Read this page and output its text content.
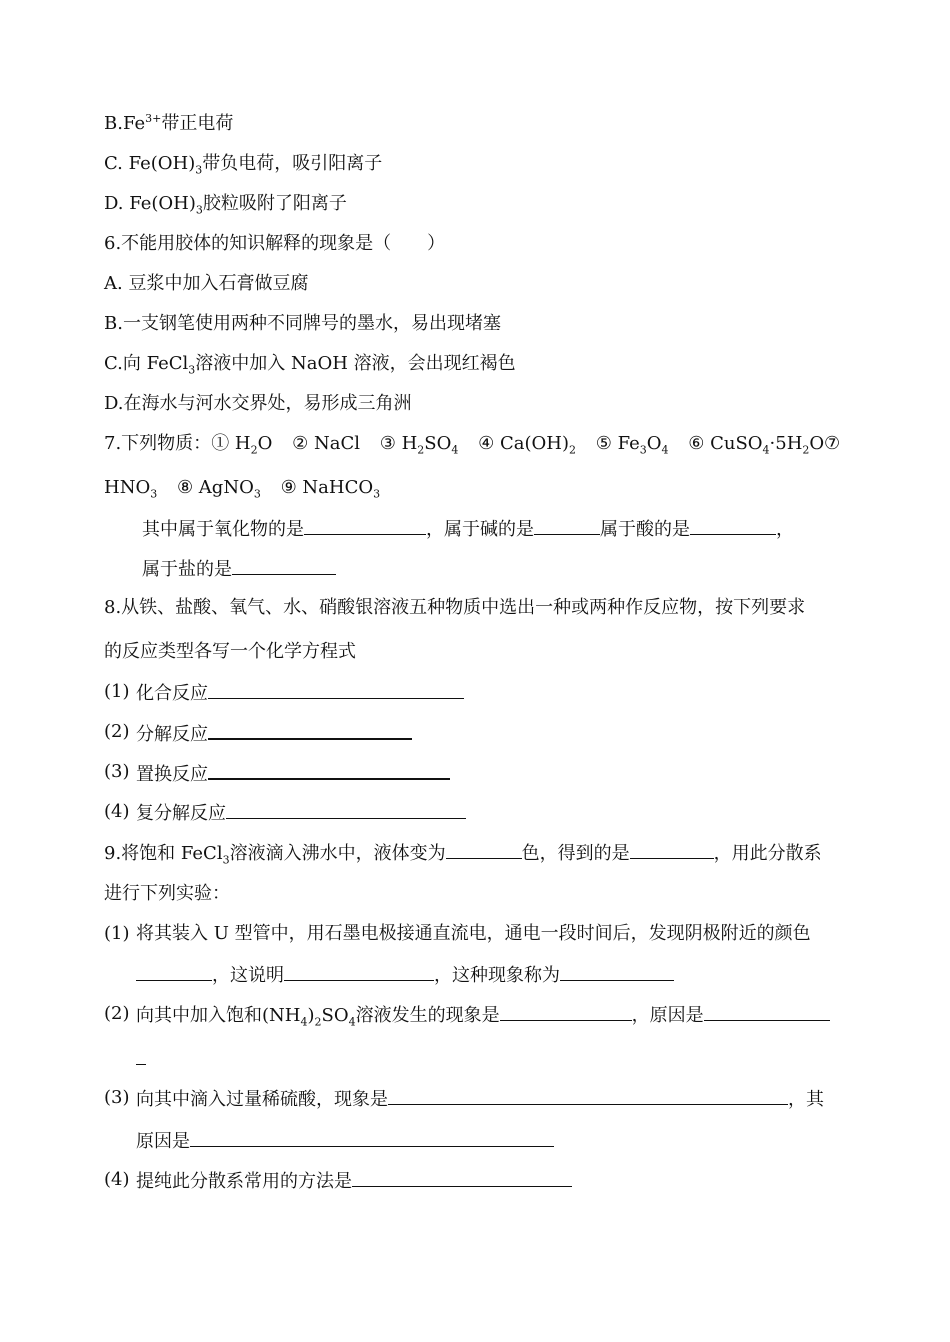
$B.Fe^{3+}$带正电荷
C. $Fe(OH)_3$带负电荷，吸引阳离子
D. $Fe(OH)_3$胶粒吸附了阳离子
6.不能用胶体的知识解释的现象是（　　）
A. 豆浆中加入石膏做豆腐
B.一支钢笔使用两种不同牌号的墨水，易出现堵塞
C.向 FeCl$_3$溶液中加入 NaOH 溶液，会出现红褐色
D.在海水与河水交界处，易形成三角洲
7.下列物质：① $H_2O$ ② NaCl ③ $H_2SO_4$ ④ $Ca(OH)_2$ ⑤ $Fe_3O_4$ ⑥ $CuSO_4\cdot 5H_2O$ ⑦
$HNO_3$ ⑧ AgNO$_3$ ⑨ NaHCO$_3$
其中属于氧化物的是	，属于碱的是	属于酸的是	，
属于盐的是
8.从铁、盐酸、氧气、水、硝酸银溶液五种物质中选出一种或两种作反应物，按下列要求
的反应类型各写一个化学方程式
(1) 化合反应
(2) 分解反应
(3) 置换反应
(4) 复分解反应
9.将饱和 FeCl$_3$溶液滴入沸水中，液体变为	色，得到的是	，用此分散系
进行下列实验：
(1) 将其装入 U 型管中，用石墨电极接通直流电，通电一段时间后，发现阴极附近的颜色
，这说明	，这种现象称为
(2) 向其中加入饱和$(NH_4)_2SO_4$溶液发生的现象是	，原因是
(3) 向其中滴入过量稀硫酸，现象是	，其
原因是
(4) 提纯此分散系常用的方法是
